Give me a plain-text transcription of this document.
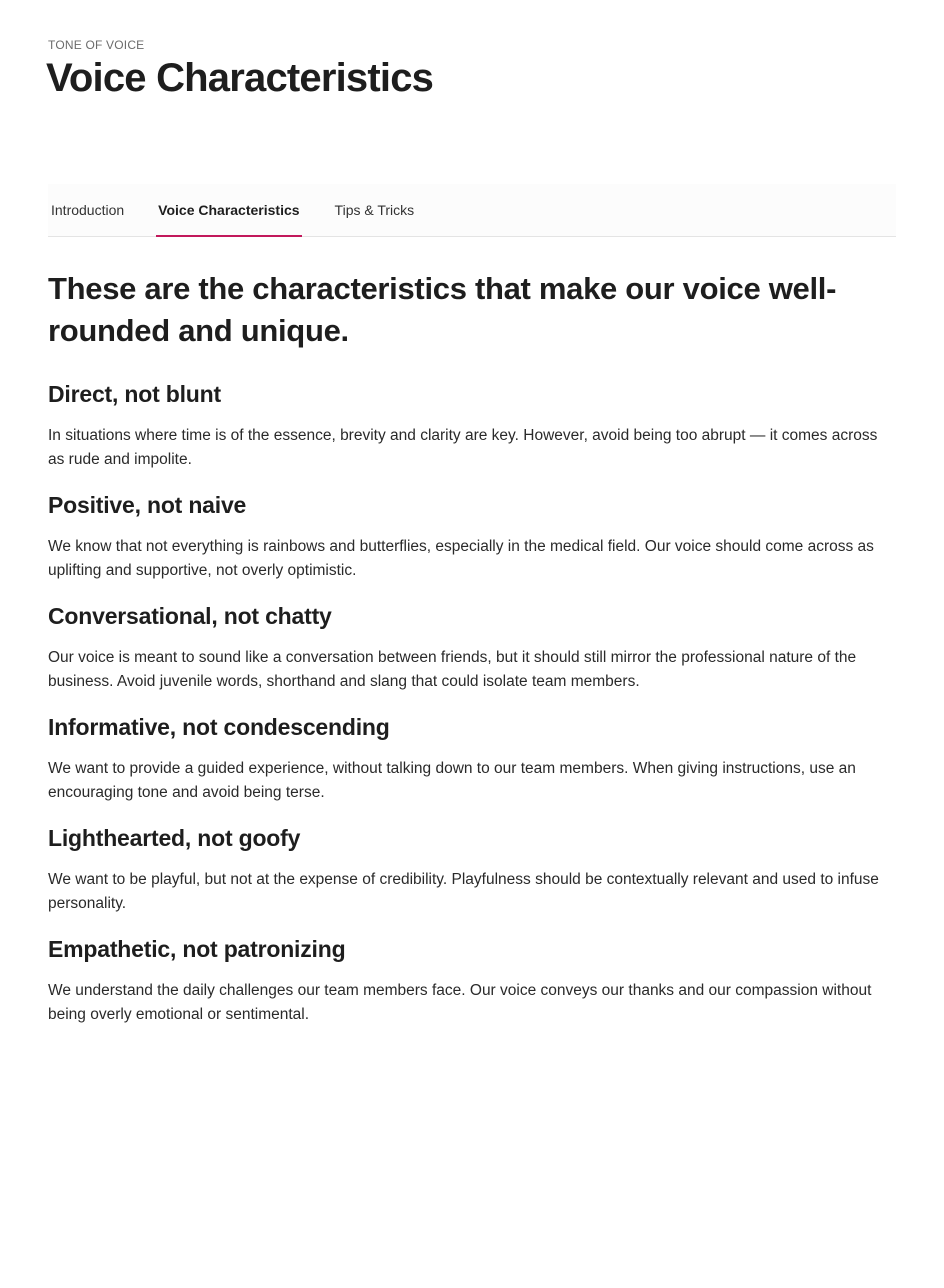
TONE OF VOICE
Voice Characteristics
Introduction	Voice Characteristics	Tips & Tricks

These are the characteristics that make our voice well-rounded and unique.

Direct, not blunt

In situations where time is of the essence, brevity and clarity are key. However, avoid being too abrupt — it comes across as rude and impolite.

Positive, not naive

We know that not everything is rainbows and butterflies, especially in the medical field. Our voice should come across as uplifting and supportive, not overly optimistic.

Conversational, not chatty

Our voice is meant to sound like a conversation between friends, but it should still mirror the professional nature of the business. Avoid juvenile words, shorthand and slang that could isolate team members.

Informative, not condescending

We want to provide a guided experience, without talking down to our team members. When giving instructions, use an encouraging tone and avoid being terse.

Lighthearted, not goofy

We want to be playful, but not at the expense of credibility. Playfulness should be contextually relevant and used to infuse personality.

Empathetic, not patronizing

We understand the daily challenges our team members face. Our voice conveys our thanks and our compassion without being overly emotional or sentimental.
